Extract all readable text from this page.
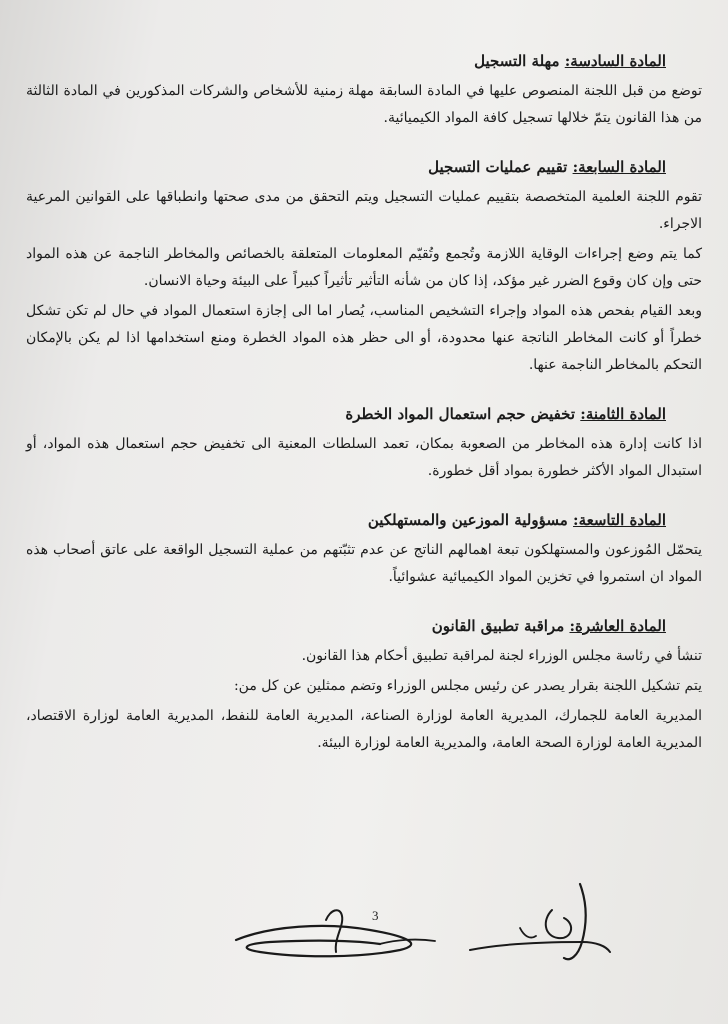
المادة السادسة: مهلة التسجيل

توضع من قبل اللجنة المنصوص عليها في المادة السابقة مهلة زمنية للأشخاص والشركات المذكورين في المادة الثالثة من هذا القانون يتمّ خلالها تسجيل كافة المواد الكيميائية.

المادة السابعة: تقييم عمليات التسجيل

تقوم اللجنة العلمية المتخصصة بتقييم عمليات التسجيل ويتم التحقق من مدى صحتها وانطباقها على القوانين المرعية الاجراء.

كما يتم وضع إجراءات الوقاية اللازمة وتُجمع وتُقيّم المعلومات المتعلقة بالخصائص والمخاطر الناجمة عن هذه المواد حتى وإن كان وقوع الضرر غير مؤكد، إذا كان من شأنه التأثير تأثيراً كبيراً على البيئة وحياة الانسان.

وبعد القيام بفحص هذه المواد وإجراء التشخيص المناسب، يُصار اما الى إجازة استعمال المواد في حال لم تكن تشكل خطراً أو كانت المخاطر الناتجة عنها محدودة، أو الى حظر هذه المواد الخطرة ومنع استخدامها اذا لم يكن بالإمكان التحكم بالمخاطر الناجمة عنها.

المادة الثامنة: تخفيض حجم استعمال المواد الخطرة

اذا كانت إدارة هذه المخاطر من الصعوبة بمكان، تعمد السلطات المعنية الى تخفيض حجم استعمال هذه المواد، أو استبدال المواد الأكثر خطورة بمواد أقل خطورة.

المادة التاسعة: مسؤولية الموزعين والمستهلكين

يتحمّل المُوزعون والمستهلكون تبعة اهمالهم الناتج عن عدم تثبّتهم من عملية التسجيل الواقعة على عاتق أصحاب هذه المواد ان استمروا في تخزين المواد الكيميائية عشوائياً.

المادة العاشرة: مراقبة تطبيق القانون

تنشأ في رئاسة مجلس الوزراء لجنة لمراقبة تطبيق أحكام هذا القانون.

يتم تشكيل اللجنة بقرار يصدر عن رئيس مجلس الوزراء وتضم ممثلين عن كل من:

المديرية العامة للجمارك، المديرية العامة لوزارة الصناعة، المديرية العامة للنفط، المديرية العامة لوزارة الاقتصاد، المديرية العامة لوزارة الصحة العامة، والمديرية العامة لوزارة البيئة.

3
